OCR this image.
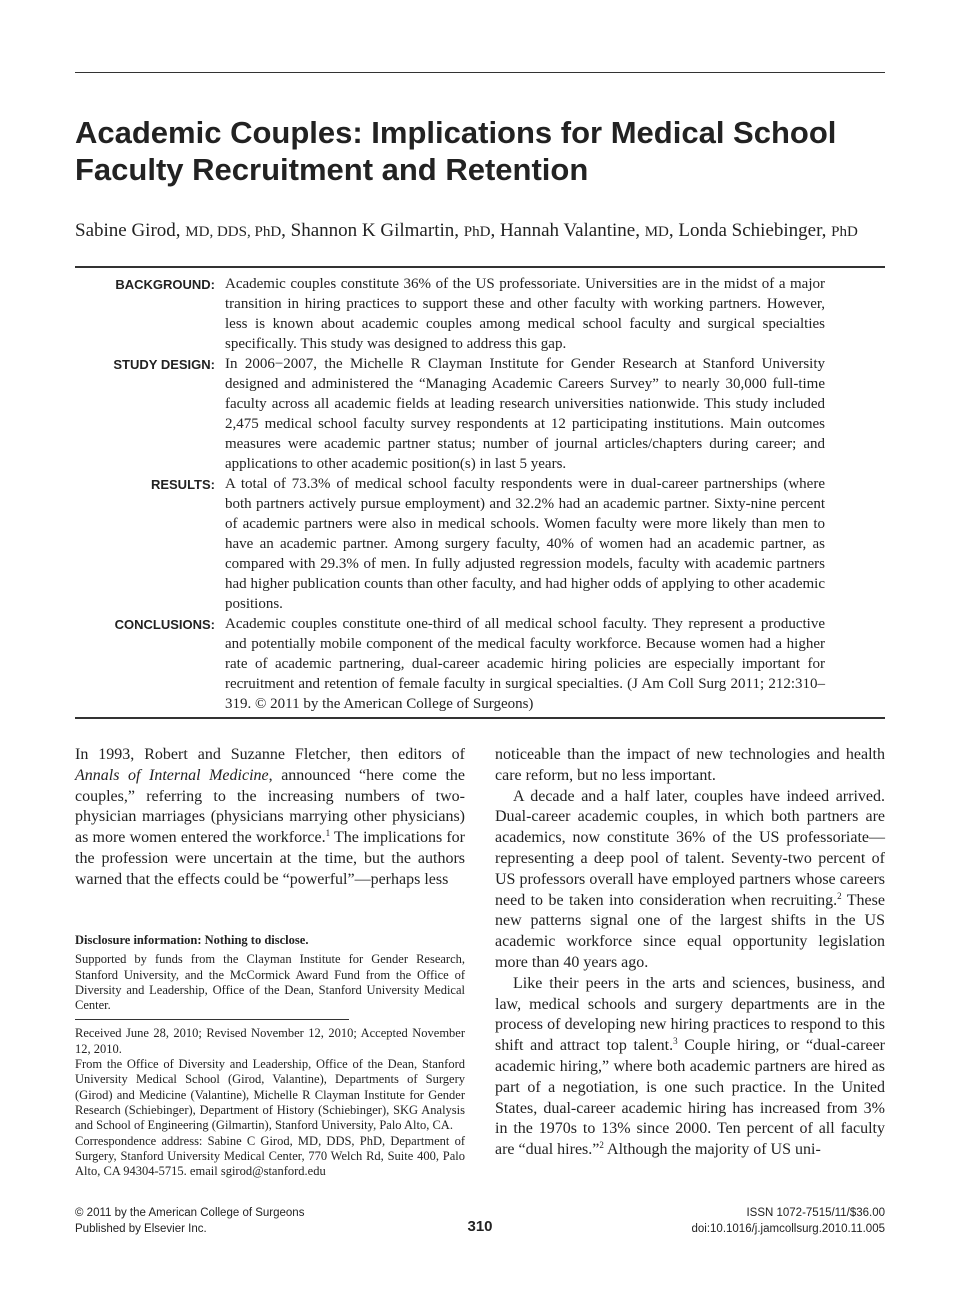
Academic Couples: Implications for Medical School Faculty Recruitment and Retention
Sabine Girod, MD, DDS, PhD, Shannon K Gilmartin, PhD, Hannah Valantine, MD, Londa Schiebinger, PhD
BACKGROUND: Academic couples constitute 36% of the US professoriate. Universities are in the midst of a major transition in hiring practices to support these and other faculty with working partners. However, less is known about academic couples among medical school faculty and surgical specialties specifically. This study was designed to address this gap.
STUDY DESIGN: In 2006−2007, the Michelle R Clayman Institute for Gender Research at Stanford University designed and administered the “Managing Academic Careers Survey” to nearly 30,000 full-time faculty across all academic fields at leading research universities nationwide. This study included 2,475 medical school faculty survey respondents at 12 participating institutions. Main outcomes measures were academic partner status; number of journal articles/chapters during career; and applications to other academic position(s) in last 5 years.
RESULTS: A total of 73.3% of medical school faculty respondents were in dual-career partnerships (where both partners actively pursue employment) and 32.2% had an academic partner. Sixty-nine percent of academic partners were also in medical schools. Women faculty were more likely than men to have an academic partner. Among surgery faculty, 40% of women had an academic partner, as compared with 29.3% of men. In fully adjusted regression models, faculty with academic partners had higher publication counts than other faculty, and had higher odds of applying to other academic positions.
CONCLUSIONS: Academic couples constitute one-third of all medical school faculty. They represent a productive and potentially mobile component of the medical faculty workforce. Because women had a higher rate of academic partnering, dual-career academic hiring policies are especially important for recruitment and retention of female faculty in surgical specialties. (J Am Coll Surg 2011; 212:310–319. © 2011 by the American College of Surgeons)

In 1993, Robert and Suzanne Fletcher, then editors of Annals of Internal Medicine, announced “here come the couples,” referring to the increasing numbers of two-physician marriages (physicians marrying other physicians) as more women entered the workforce.$^1$ The implications for the profession were uncertain at the time, but the authors warned that the effects could be “powerful”—perhaps less

noticeable than the impact of new technologies and health care reform, but no less important.

A decade and a half later, couples have indeed arrived. Dual-career academic couples, in which both partners are academics, now constitute 36% of the US professoriate—representing a deep pool of talent. Seventy-two percent of US professors overall have employed partners whose careers need to be taken into consideration when recruiting.$^2$ These new patterns signal one of the largest shifts in the US academic workforce since equal opportunity legislation more than 40 years ago.

Like their peers in the arts and sciences, business, and law, medical schools and surgery departments are in the process of developing new hiring practices to respond to this shift and attract top talent.$^3$ Couple hiring, or “dual-career academic hiring,” where both academic partners are hired as part of a negotiation, is one such practice. In the United States, dual-career academic hiring has increased from 3% in the 1970s to 13% since 2000. Ten percent of all faculty are “dual hires.”$^2$ Although the majority of US uni-

Disclosure information: Nothing to disclose.

Supported by funds from the Clayman Institute for Gender Research, Stanford University, and the McCormick Award Fund from the Office of Diversity and Leadership, Office of the Dean, Stanford University Medical Center.

Received June 28, 2010; Revised November 12, 2010; Accepted November 12, 2010.

From the Office of Diversity and Leadership, Office of the Dean, Stanford University Medical School (Girod, Valantine), Departments of Surgery (Girod) and Medicine (Valantine), Michelle R Clayman Institute for Gender Research (Schiebinger), Department of History (Schiebinger), SKG Analysis and School of Engineering (Gilmartin), Stanford University, Palo Alto, CA.

Correspondence address: Sabine C Girod, MD, DDS, PhD, Department of Surgery, Stanford University Medical Center, 770 Welch Rd, Suite 400, Palo Alto, CA 94304-5715. email sgirod@stanford.edu

© 2011 by the American College of Surgeons
Published by Elsevier Inc.	310
ISSN 1072-7515/11/$36.00
doi:10.1016/j.jamcollsurg.2010.11.005
